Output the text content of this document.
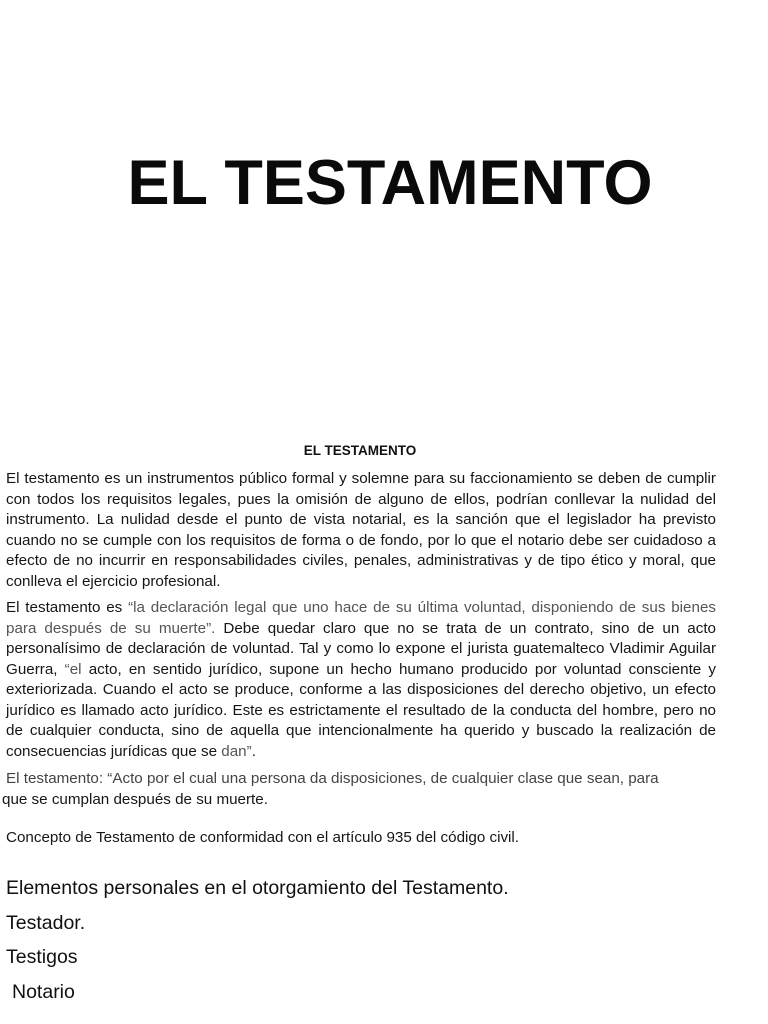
EL TESTAMENTO
EL TESTAMENTO

El testamento es un instrumentos público formal y solemne para su faccionamiento se deben de cumplir con todos los requisitos legales, pues la omisión de alguno de ellos, podrían conllevar la nulidad del instrumento. La nulidad desde el punto de vista notarial, es la sanción que el legislador ha previsto cuando no se cumple con los requisitos de forma o de fondo, por lo que el notario debe ser cuidadoso a efecto de no incurrir en responsabilidades civiles, penales, administrativas y de tipo ético y moral, que conlleva el ejercicio profesional.

El testamento es “la declaración legal que uno hace de su última voluntad, disponiendo de sus bienes para después de su muerte”. Debe quedar claro que no se trata de un contrato, sino de un acto personalísimo de declaración de voluntad. Tal y como lo expone el jurista guatemalteco Vladimir Aguilar Guerra, “el acto, en sentido jurídico, supone un hecho humano producido por voluntad consciente y exteriorizada. Cuando el acto se produce, conforme a las disposiciones del derecho objetivo, un efecto jurídico es llamado acto jurídico. Este es estrictamente el resultado de la conducta del hombre, pero no de cualquier conducta, sino de aquella que intencionalmente ha querido y buscado la realización de consecuencias jurídicas que se dan”.

El testamento: “Acto por el cual una persona da disposiciones, de cualquier clase que sean, para
que se cumplan después de su muerte.

Concepto de Testamento de conformidad con el artículo 935 del código civil.

Elementos personales en el otorgamiento del Testamento.
Testador.
Testigos
Notario
